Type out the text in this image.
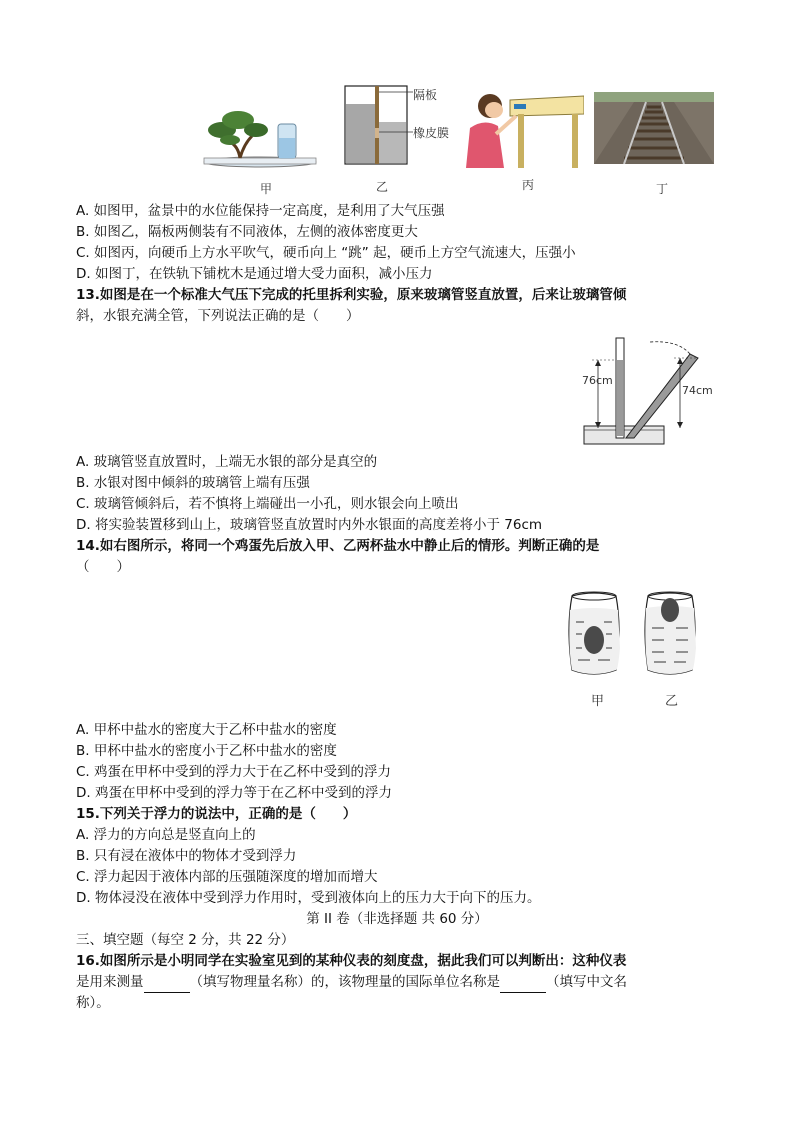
隔板
橡皮膜
甲	乙	丙	丁
A. 如图甲，盆景中的水位能保持一定高度，是利用了大气压强
B. 如图乙，隔板两侧装有不同液体，左侧的液体密度更大
C. 如图丙，向硬币上方水平吹气，硬币向上 “跳” 起，硬币上方空气流速大，压强小
D. 如图丁，在铁轨下铺枕木是通过增大受力面积，减小压力
13.如图是在一个标准大气压下完成的托里拆利实验，原来玻璃管竖直放置，后来让玻璃管倾
斜，水银充满全管，下列说法正确的是（　　）
76cm
74cm
A. 玻璃管竖直放置时，上端无水银的部分是真空的
B. 水银对图中倾斜的玻璃管上端有压强
C. 玻璃管倾斜后，若不慎将上端碰出一小孔，则水银会向上喷出
D. 将实验装置移到山上，玻璃管竖直放置时内外水银面的高度差将小于 76cm
14.如右图所示，将同一个鸡蛋先后放入甲、乙两杯盐水中静止后的情形。判断正确的是
（　　）
甲	乙
A. 甲杯中盐水的密度大于乙杯中盐水的密度
B. 甲杯中盐水的密度小于乙杯中盐水的密度
C. 鸡蛋在甲杯中受到的浮力大于在乙杯中受到的浮力
D. 鸡蛋在甲杯中受到的浮力等于在乙杯中受到的浮力
15.下列关于浮力的说法中，正确的是（　　）
A. 浮力的方向总是竖直向上的
B. 只有浸在液体中的物体才受到浮力
C. 浮力起因于液体内部的压强随深度的增加而增大
D. 物体浸没在液体中受到浮力作用时，受到液体向上的压力大于向下的压力。
第 II 卷（非选择题 共 60 分）
三、填空题（每空 2 分，共 22 分）
16.如图所示是小明同学在实验室见到的某种仪表的刻度盘，据此我们可以判断出：这种仪表
是用来测量	（填写物理量名称）的，该物理量的国际单位名称是	（填写中文名
称）。
